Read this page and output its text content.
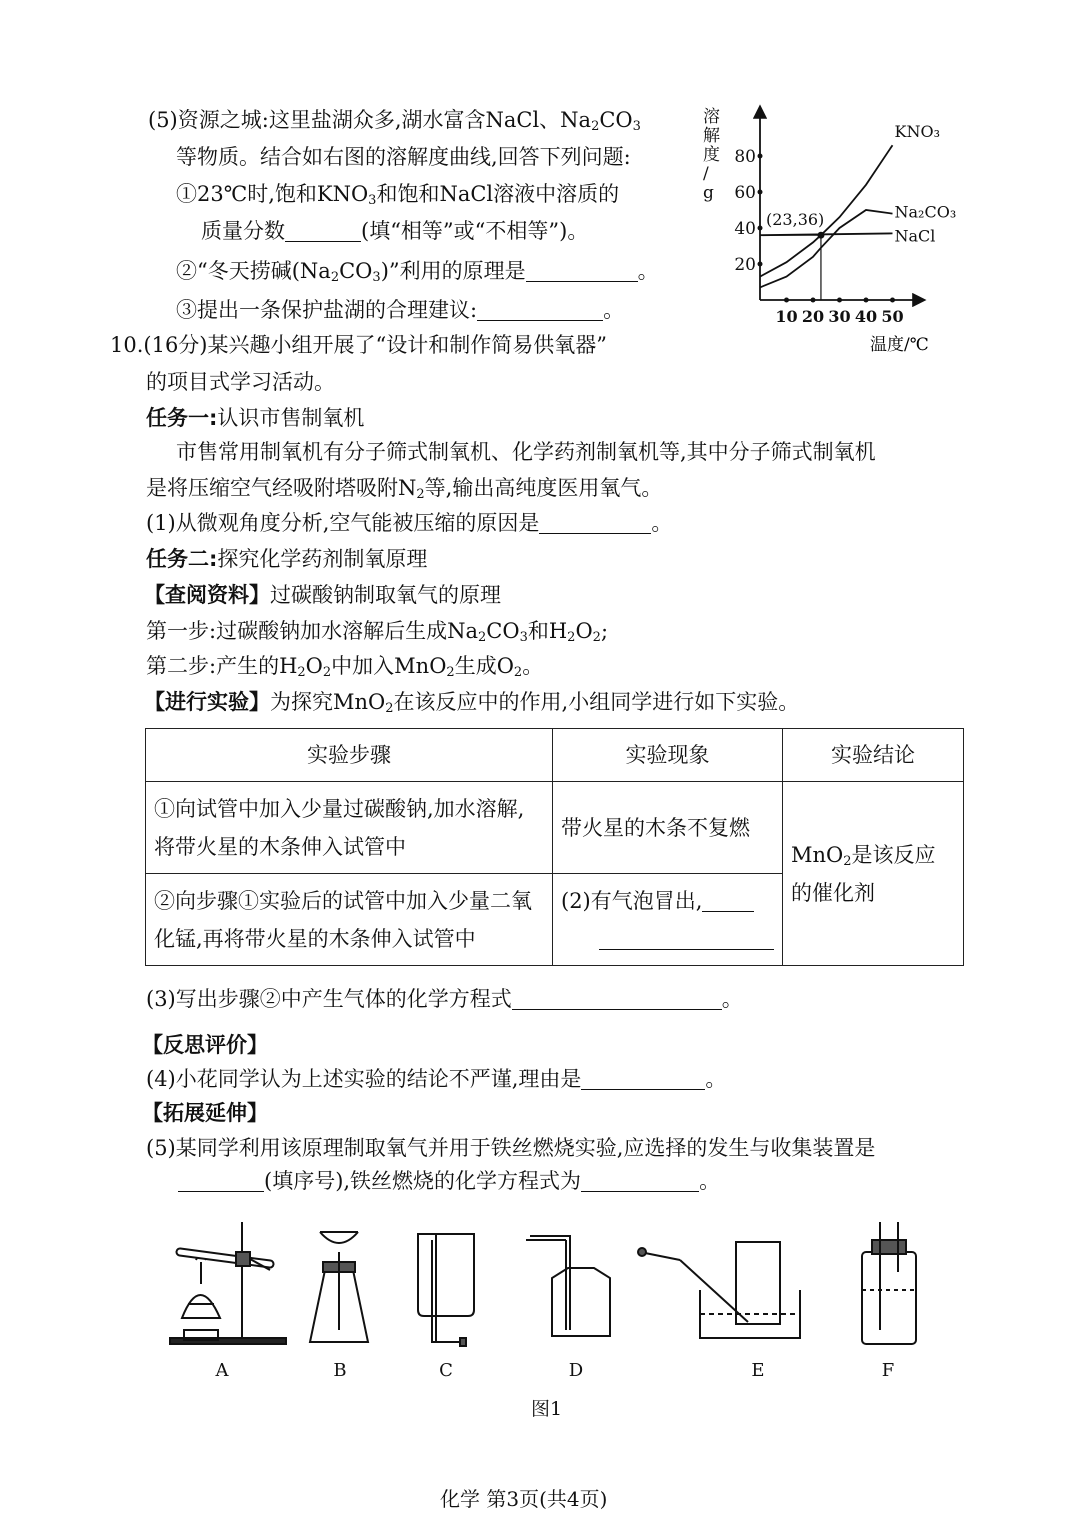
(5)资源之城:这里盐湖众多,湖水富含NaCl、$Na_2CO_3$
等物质。结合如右图的溶解度曲线,回答下列问题:
①23℃时,饱和$KNO_3$和饱和NaCl溶液中溶质的
质量分数	(填“相等”或“不相等”)。
②“冬天捞碱$(Na_2CO_3)$”利用的原理是	。
③提出一条保护盐湖的合理建议:	。
溶
解
度
/
g
20
40
60
80
10 20 30 40 50
KNO₃
Na₂CO₃
NaCl
(23,36)
温度/℃
10.(16分)某兴趣小组开展了“设计和制作简易供氧器”
的项目式学习活动。
任务一:认识市售制氧机
市售常用制氧机有分子筛式制氧机、化学药剂制氧机等,其中分子筛式制氧机
是将压缩空气经吸附塔吸附$N_2$等,输出高纯度医用氧气。
(1)从微观角度分析,空气能被压缩的原因是	。
任务二:探究化学药剂制氧原理
【查阅资料】过碳酸钠制取氧气的原理
第一步:过碳酸钠加水溶解后生成$Na_2CO_3$和$H_2O_2$;
第二步:产生的$H_2O_2$中加入MnO$_2$生成$O_2$。
【进行实验】为探究MnO$_2$在该反应中的作用,小组同学进行如下实验。
实验步骤	实验现象	实验结论
①向试管中加入少量过碳酸钠,加水溶解,将带火星的木条伸入试管中	带火星的木条不复燃	MnO$_2$是该反应的催化剂
②向步骤①实验后的试管中加入少量二氧化锰,再将带火星的木条伸入试管中	(2)有气泡冒出,	

(3)写出步骤②中产生气体的化学方程式	。
【反思评价】
(4)小花同学认为上述实验的结论不严谨,理由是	。
【拓展延伸】
(5)某同学利用该原理制取氧气并用于铁丝燃烧实验,应选择的发生与收集装置是
(填序号),铁丝燃烧的化学方程式为	。
A	B	C	D	E	F
图1
化学 第3页(共4页)
